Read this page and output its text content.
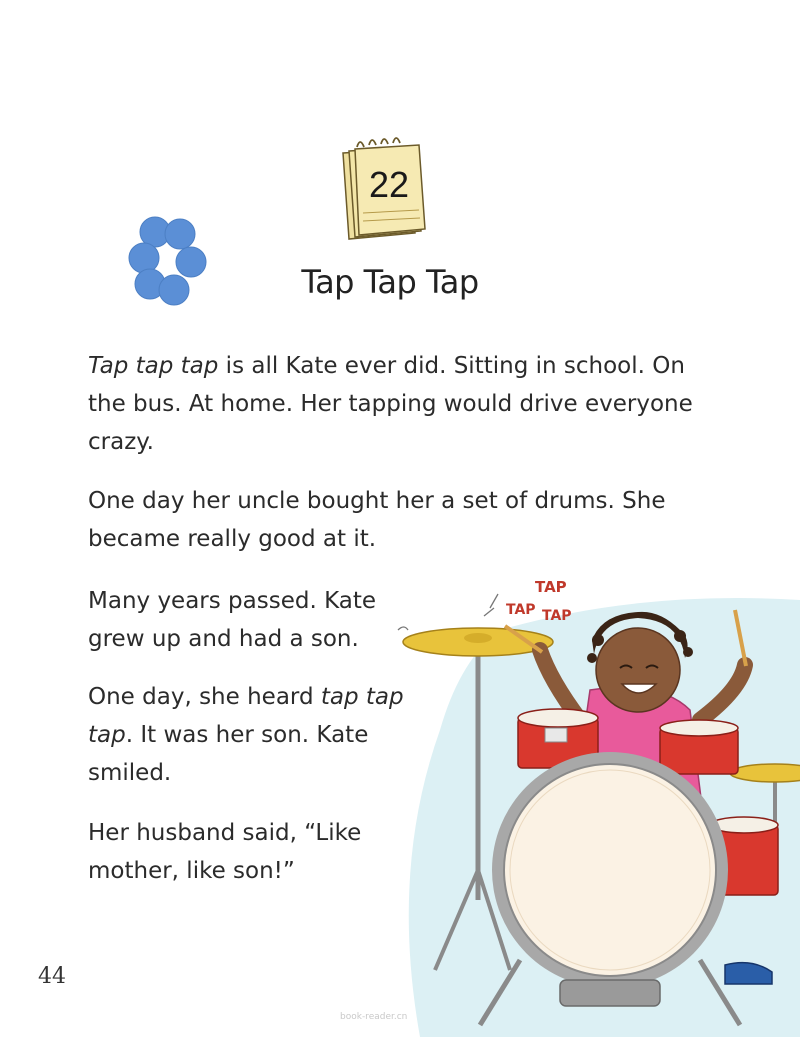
22
Tap Tap Tap

Tap tap tap is all Kate ever did. Sitting in school. On the bus. At home. Her tapping would drive everyone crazy.

One day her uncle bought her a set of drums. She became really good at it.

Many years passed. Kate grew up and had a son.

One day, she heard tap tap tap. It was her son. Kate smiled.

Her husband said, “Like mother, like son!”

TAP
TAP TAP
44
book-reader.cn
